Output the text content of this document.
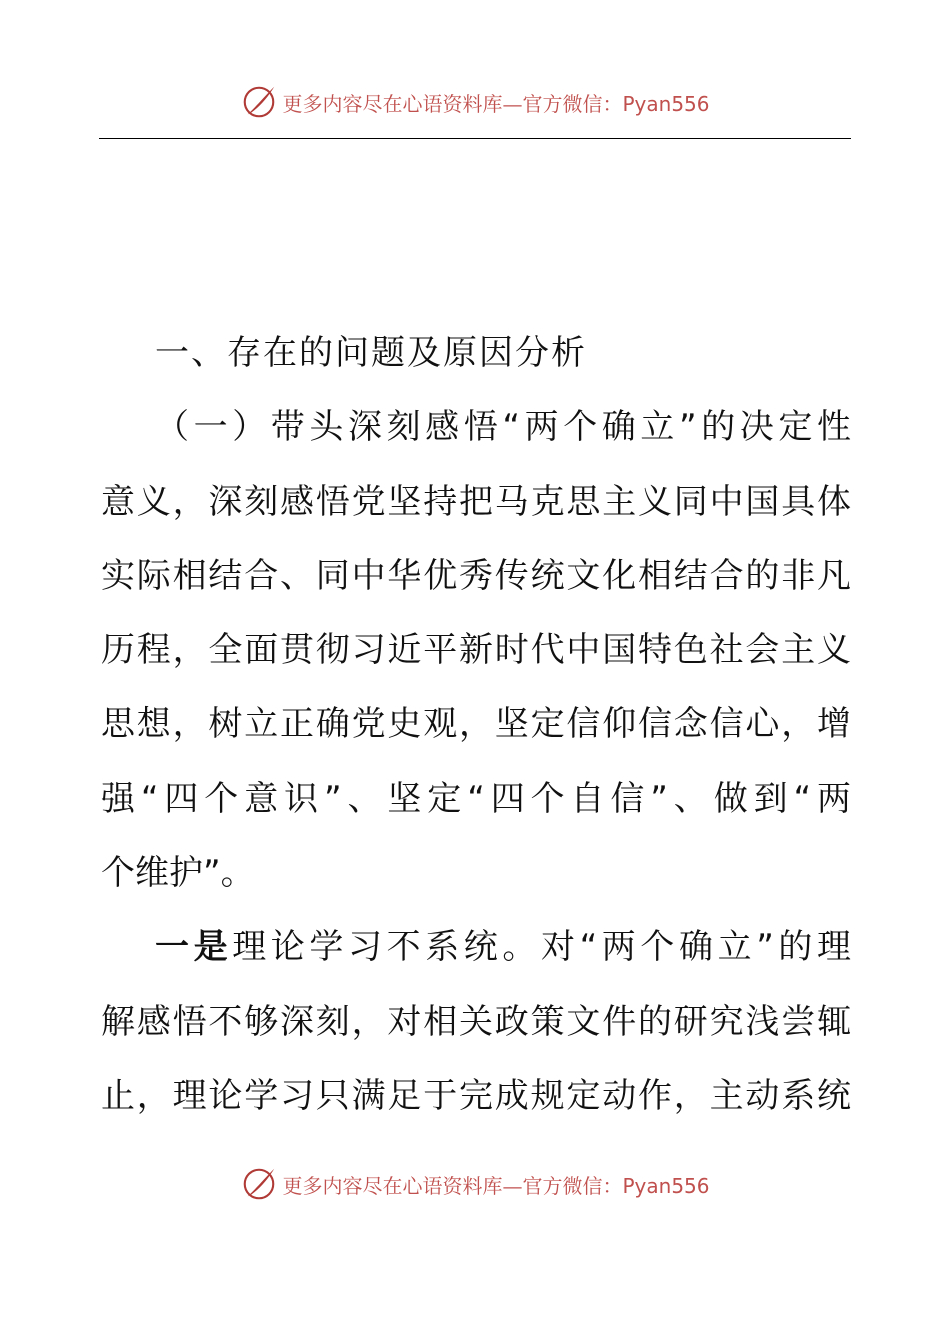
更多内容尽在心语资料库—官方微信：Pyan556
一、存在的问题及原因分析
（一）带头深刻感悟“两个确立”的决定性
意义，深刻感悟党坚持把马克思主义同中国具体
实际相结合、同中华优秀传统文化相结合的非凡
历程，全面贯彻习近平新时代中国特色社会主义
思想，树立正确党史观，坚定信仰信念信心，增
强“四个意识”、坚定“四个自信”、做到“两
个维护”。
一是理论学习不系统。对“两个确立”的理
解感悟不够深刻，对相关政策文件的研究浅尝辄
止，理论学习只满足于完成规定动作，主动系统
更多内容尽在心语资料库—官方微信：Pyan556
